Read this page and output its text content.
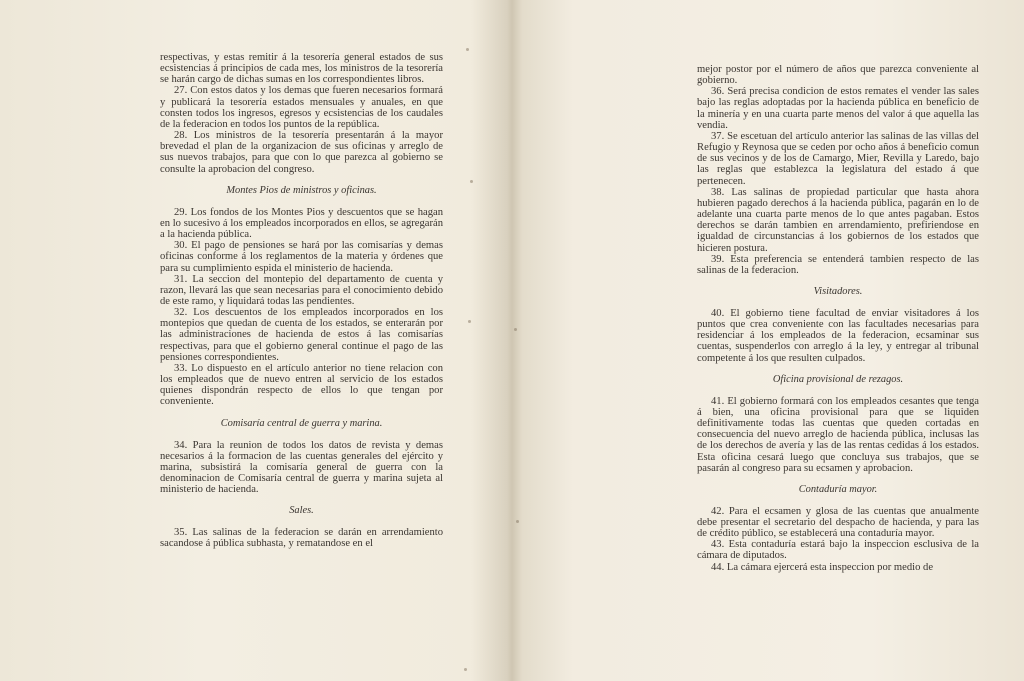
respectivas, y estas remitir á la tesorería general estados de sus ecsistencias á principios de cada mes, los ministros de la tesorería se harán cargo de dichas sumas en los correspondientes libros.

27. Con estos datos y los demas que fueren necesarios formará y publicará la tesorería estados mensuales y anuales, en que consten todos los ingresos, egresos y ecsistencias de los caudales de la federacion en todos los puntos de la república.

28. Los ministros de la tesorería presentarán á la mayor brevedad el plan de la organizacion de sus oficinas y arreglo de sus nuevos trabajos, para que con lo que parezca al gobierno se consulte la aprobacion del congreso.

Montes Pios de ministros y oficinas.

29. Los fondos de los Montes Pios y descuentos que se hagan en lo sucesivo á los empleados incorporados en ellos, se agregarán a la hacienda pública.

30. El pago de pensiones se hará por las comisarías y demas oficinas conforme á los reglamentos de la materia y órdenes que para su cumplimiento espida el ministerio de hacienda.

31. La seccion del montepio del departamento de cuenta y razon, llevará las que sean necesarias para el conocimiento debido de este ramo, y liquidará todas las pendientes.

32. Los descuentos de los empleados incorporados en los montepios que quedan de cuenta de los estados, se enterarán por las administraciones de hacienda de estos á las comisarías respectivas, para que el gobierno general continue el pago de las pensiones correspondientes.

33. Lo dispuesto en el artículo anterior no tiene relacion con los empleados que de nuevo entren al servicio de los estados quienes dispondrán respecto de ellos lo que tengan por conveniente.

Comisaría central de guerra y marina.

34. Para la reunion de todos los datos de revista y demas necesarios á la formacion de las cuentas generales del ejército y marina, subsistirá la comisaría general de guerra con la denominacion de Comisaría central de guerra y marina sujeta al ministerio de hacienda.

Sales.

35. Las salinas de la federacion se darán en arrendamiento sacandose á pública subhasta, y rematandose en el

mejor postor por el número de años que parezca conveniente al gobierno.

36. Será precisa condicion de estos remates el vender las sales bajo las reglas adoptadas por la hacienda pública en beneficio de la minería y en una cuarta parte menos del valor á que aquella las vendia.

37. Se escetuan del artículo anterior las salinas de las villas del Refugio y Reynosa que se ceden por ocho años á beneficio comun de sus vecinos y de los de Camargo, Mier, Revilla y Laredo, bajo las reglas que establezca la legislatura del estado á que pertenecen.

38. Las salinas de propiedad particular que hasta ahora hubieren pagado derechos á la hacienda pública, pagarán en lo de adelante una cuarta parte menos de lo que antes pagaban. Estos derechos se darán tambien en arrendamiento, prefiriendose en igualdad de circunstancias á los gobiernos de los estados que hicieren postura.

39. Esta preferencia se entenderá tambien respecto de las salinas de la federacion.

Visitadores.

40. El gobierno tiene facultad de enviar visitadores á los puntos que crea conveniente con las facultades necesarias para residenciar á los empleados de la federacion, ecsaminar sus cuentas, suspenderlos con arreglo á la ley, y entregar al tribunal competente á los que resulten culpados.

Oficina provisional de rezagos.

41. El gobierno formará con los empleados cesantes que tenga á bien, una oficina provisional para que se liquiden definitivamente todas las cuentas que queden cortadas en consecuencia del nuevo arreglo de hacienda pública, inclusas las de los derechos de avería y las de las rentas cedidas á los estados. Esta oficina cesará luego que concluya sus trabajos, que se pasarán al congreso para su ecsamen y aprobacion.

Contaduría mayor.

42. Para el ecsamen y glosa de las cuentas que anualmente debe presentar el secretario del despacho de hacienda, y para las de crédito público, se establecerá una contaduría mayor.

43. Esta contaduría estará bajo la inspeccion esclusiva de la cámara de diputados.

44. La cámara ejercerá esta inspeccion por medio de
